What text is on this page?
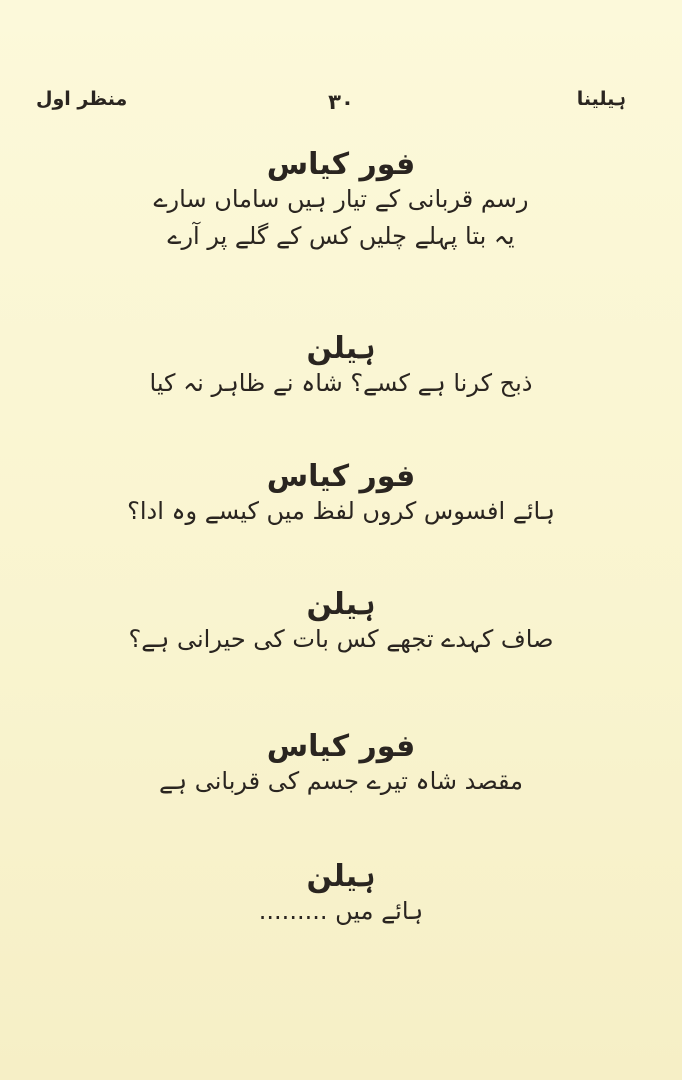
ہیلینا
۳۰
منظر اول
فور کیاس
رسم قربانی کے تیار ہیں ساماں سارے
یہ بتا پہلے چلیں کس کے گلے پر آرے
ہیلن
ذبح کرنا ہے کسے؟ شاہ نے ظاہر نہ کیا
فور کیاس
ہائے افسوس کروں لفظ میں کیسے وہ ادا؟
ہیلن
صاف کہدے تجھے کس بات کی حیرانی ہے؟
فور کیاس
مقصد شاہ تیرے جسم کی قربانی ہے
ہیلن
ہائے میں .........
